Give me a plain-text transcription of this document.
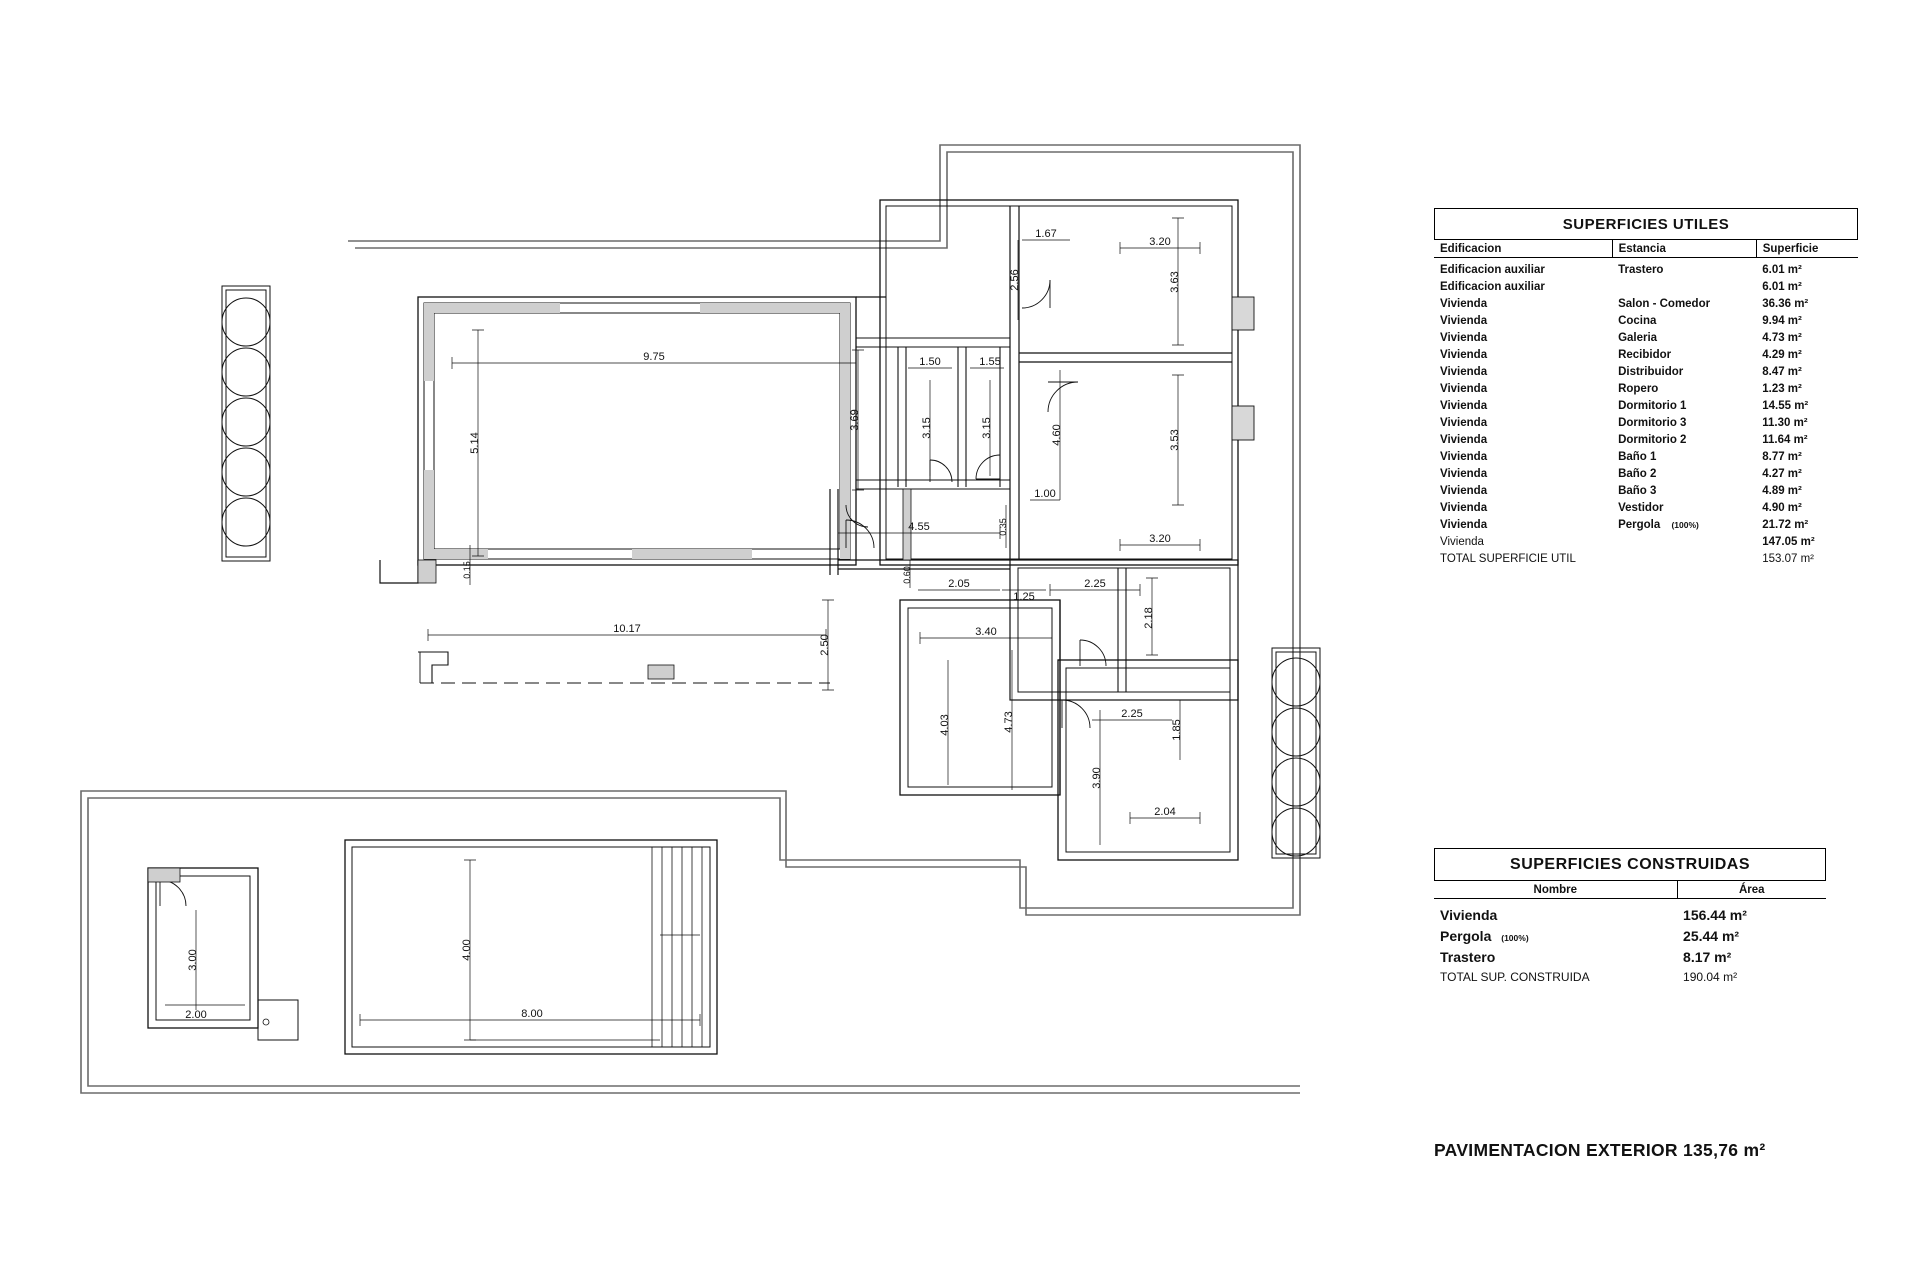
9.75
5.14
0.15
3.69
10.17
2.50
1.50	1.55
3.15	3.15
1.67
2.56
3.20
3.63
3.53
3.20
4.60
1.00
4.55	0.35
2.05
0.60
1.25
2.25
2.18
3.40
4.03	4.73	2.25
1.85
3.90
2.04
8.00
4.00
3.00
2.00
SUPERFICIES UTILES
Edificacion	Estancia	Superficie

Edificacion auxiliar	Trastero	6.01 m²
Edificacion auxiliar		6.01 m²
Vivienda	Salon - Comedor	36.36 m²
Vivienda	Cocina	9.94 m²
Vivienda	Galeria	4.73 m²
Vivienda	Recibidor	4.29 m²
Vivienda	Distribuidor	8.47 m²
Vivienda	Ropero	1.23 m²
Vivienda	Dormitorio 1	14.55 m²
Vivienda	Dormitorio 3	11.30 m²
Vivienda	Dormitorio 2	11.64 m²
Vivienda	Baño 1	8.77 m²
Vivienda	Baño 2	4.27 m²
Vivienda	Baño 3	4.89 m²
Vivienda	Vestidor	4.90 m²
Vivienda	Pergola (100%)	21.72 m²
Vivienda		147.05 m²
TOTAL SUPERFICIE UTIL		153.07 m²
SUPERFICIES CONSTRUIDAS
Nombre	Área

Vivienda	156.44 m²
Pergola (100%)	25.44 m²
Trastero	8.17 m²
TOTAL SUP. CONSTRUIDA	190.04 m²
PAVIMENTACION EXTERIOR 135,76 m²
